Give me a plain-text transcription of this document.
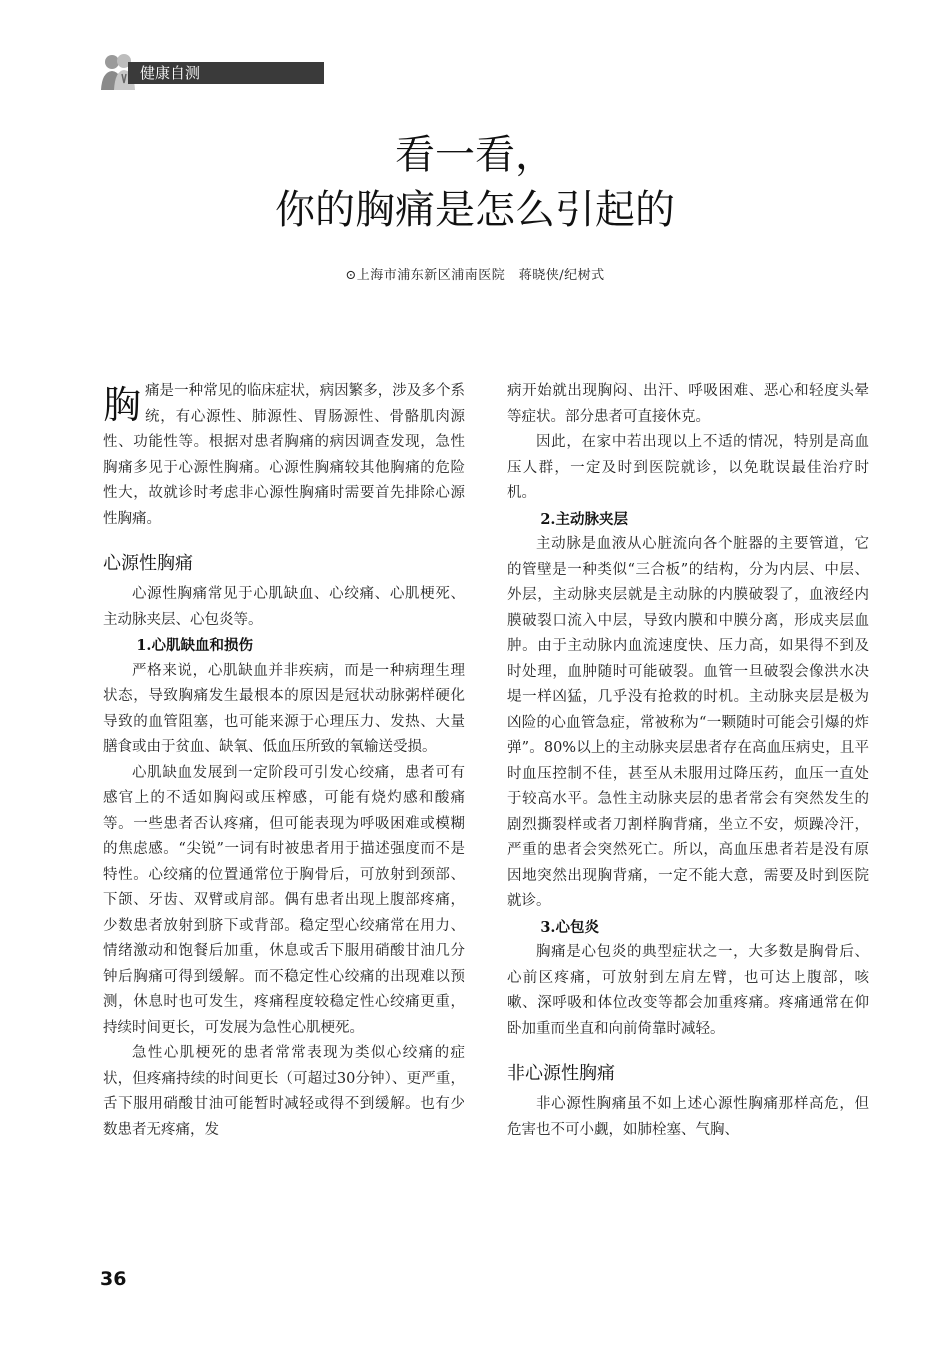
健康自测
看一看，
你的胸痛是怎么引起的
⊙上海市浦东新区浦南医院　蒋晓侠/纪树式

胸痛是一种常见的临床症状，病因繁多，涉及多个系统，有心源性、肺源性、胃肠源性、骨骼肌肉源性、功能性等。根据对患者胸痛的病因调查发现，急性胸痛多见于心源性胸痛。心源性胸痛较其他胸痛的危险性大，故就诊时考虑非心源性胸痛时需要首先排除心源性胸痛。

心源性胸痛

心源性胸痛常见于心肌缺血、心绞痛、心肌梗死、主动脉夹层、心包炎等。

1.心肌缺血和损伤

严格来说，心肌缺血并非疾病，而是一种病理生理状态，导致胸痛发生最根本的原因是冠状动脉粥样硬化导致的血管阻塞，也可能来源于心理压力、发热、大量膳食或由于贫血、缺氧、低血压所致的氧输送受损。

心肌缺血发展到一定阶段可引发心绞痛，患者可有感官上的不适如胸闷或压榨感，可能有烧灼感和酸痛等。一些患者否认疼痛，但可能表现为呼吸困难或模糊的焦虑感。“尖锐”一词有时被患者用于描述强度而不是特性。心绞痛的位置通常位于胸骨后，可放射到颈部、下颌、牙齿、双臂或肩部。偶有患者出现上腹部疼痛，少数患者放射到脐下或背部。稳定型心绞痛常在用力、情绪激动和饱餐后加重，休息或舌下服用硝酸甘油几分钟后胸痛可得到缓解。而不稳定性心绞痛的出现难以预测，休息时也可发生，疼痛程度较稳定性心绞痛更重，持续时间更长，可发展为急性心肌梗死。

急性心肌梗死的患者常常表现为类似心绞痛的症状，但疼痛持续的时间更长（可超过30分钟）、更严重，舌下服用硝酸甘油可能暂时减轻或得不到缓解。也有少数患者无疼痛，发

病开始就出现胸闷、出汗、呼吸困难、恶心和轻度头晕等症状。部分患者可直接休克。

因此，在家中若出现以上不适的情况，特别是高血压人群，一定及时到医院就诊，以免耽误最佳治疗时机。

2.主动脉夹层

主动脉是血液从心脏流向各个脏器的主要管道，它的管壁是一种类似“三合板”的结构，分为内层、中层、外层，主动脉夹层就是主动脉的内膜破裂了，血液经内膜破裂口流入中层，导致内膜和中膜分离，形成夹层血肿。由于主动脉内血流速度快、压力高，如果得不到及时处理，血肿随时可能破裂。血管一旦破裂会像洪水决堤一样凶猛，几乎没有抢救的时机。主动脉夹层是极为凶险的心血管急症，常被称为“一颗随时可能会引爆的炸弹”。80%以上的主动脉夹层患者存在高血压病史，且平时血压控制不佳，甚至从未服用过降压药，血压一直处于较高水平。急性主动脉夹层的患者常会有突然发生的剧烈撕裂样或者刀割样胸背痛，坐立不安，烦躁冷汗，严重的患者会突然死亡。所以，高血压患者若是没有原因地突然出现胸背痛，一定不能大意，需要及时到医院就诊。

3.心包炎

胸痛是心包炎的典型症状之一，大多数是胸骨后、心前区疼痛，可放射到左肩左臂，也可达上腹部，咳嗽、深呼吸和体位改变等都会加重疼痛。疼痛通常在仰卧加重而坐直和向前倚靠时减轻。

非心源性胸痛

非心源性胸痛虽不如上述心源性胸痛那样高危，但危害也不可小觑，如肺栓塞、气胸、

36
